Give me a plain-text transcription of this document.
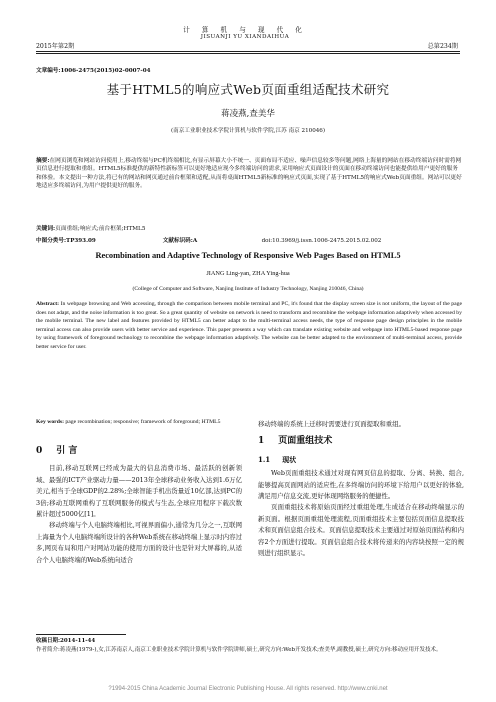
2015年第2期
计 算 机 与 现 代 化
JISUANJI YU XIANDAIHUA
总第234期
文章编号:1006-2475(2015)02-0007-04
基于HTML5的响应式Web页面重组适配技术研究
蒋凌燕,查美华
(南京工业职业技术学院计算机与软件学院,江苏 南京 210046)
摘要:在网页浏览和网站访问使用上,移动终端与PC机终端相比,有显示屏幕大小不统一、页面布局不适应、噪声信息较多等问题,网络上海量的网站在移动终端访问时需将网页信息进行提取和重组。HTML5标准提供的新特性新标签可以更好地适应现今多终端访问的需求,采用响应式页面设计的页面在移动终端访问也能提供给用户更好的服务和体验。本文提出一种方法,将已有的网站和网页通过前台框架和适配,从而将桌面HTML5新标准的响应式页面,实现了基于HTML5的响应式Web页面重组。网站可以更好地适应多终端访问,为用户提供更好的服务。
关键词:页面重组;响应式;前台框架;HTML5
中图分类号:TP393.09	文献标识码:A	doi:10.3969/j.issn.1006-2475.2015.02.002
Recombination and Adaptive Technology of Responsive Web Pages Based on HTML5
JIANG Ling-yan, ZHA Ying-hua
(College of Computer and Software, Nanjing Institute of Industry Technology, Nanjing 210046, China)
Abstract: In webpage browsing and Web accessing, through the comparison between mobile terminal and PC, it's found that the display screen size is not uniform, the layout of the page does not adapt, and the noise information is too great. So a great quantity of website on network is need to transform and recombine the webpage information adaptively when accessed by the mobile terminal. The new label and features provided by HTML5 can better adapt to the multi-terminal access needs, the type of response page design principles in the mobile terminal access can also provide users with better service and experience. This paper presents a way which can translate existing website and webpage into HTML5-based response page by using framework of foreground technology to recombine the webpage information adaptively. The website can be better adapted to the environment of multi-terminal access, provide better service for user.
Key words: page recombination; responsive; framework of foreground; HTML5
0 引 言

目前,移动互联网已经成为最大的信息消费市场、最活跃的创新领域、最强的ICT产业驱动力量——2013年全球移动业务收入达到1.6万亿美元,相当于全球GDP的2.28%;全球智能手机出货量近10亿部,达到PC的3倍;移动互联网重构了互联网服务的模式与生态,全球应用程序下载次数累计超过5000亿[1]。

移动终端与个人电脑终端相比,可视界面偏小,通常为几分之一,互联网上海量为个人电脑终端所设计的各种Web系统在移动终端上显示时内容过多,网页布局和用户对网站功能的使用方面的设计也是针对大屏幕的,从适合个人电脑终端的Web系统向适合

移动终端的系统上迁移时需要进行页面提取和重组。

1 页面重组技术
1.1 现状

Web页面重组技术通过对现有网页信息的提取、分离、转换、组合,能够提高页面网站的适应性,在多终端访问的环境下给用户以更好的体验,满足用户信息交流,更好体现网络服务的便捷性。

页面重组技术将原始页面经过重组处理,生成适合在移动终端显示的新页面。根据页面重组处理流程,页面重组技术主要包括页面信息提取技术和页面信息组合技术。页面信息提取技术主要通过对原始页面结构和内容2个方面进行提取。页面信息组合技术将传递来的内容块按照一定的规则进行组织显示。

收稿日期:2014-11-44
作者简介:蒋凌燕(1979-),女,江苏南京人,南京工业职业技术学院计算机与软件学院讲师,硕士,研究方向:Web开发技术;查美华,副教授,硕士,研究方向:移动应用开发技术。
?1994-2015 China Academic Journal Electronic Publishing House. All rights reserved. http://www.cnki.net
